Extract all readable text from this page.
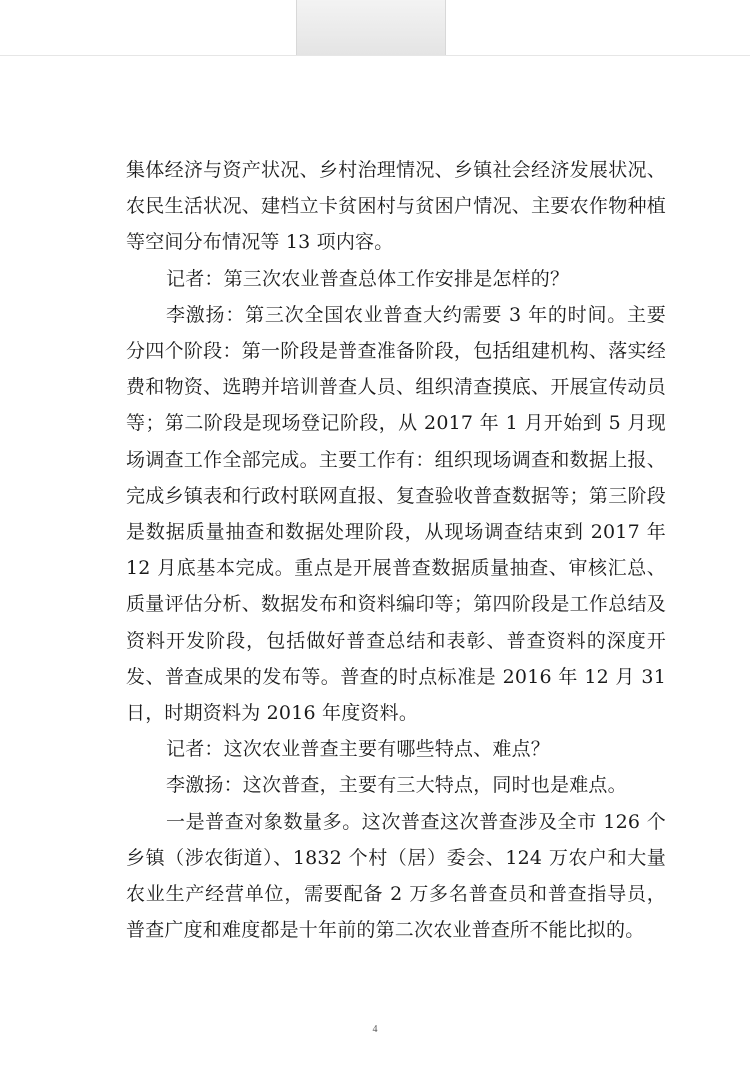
集体经济与资产状况、乡村治理情况、乡镇社会经济发展状况、农民生活状况、建档立卡贫困村与贫困户情况、主要农作物种植等空间分布情况等 13 项内容。

记者：第三次农业普查总体工作安排是怎样的？

李激扬：第三次全国农业普查大约需要 3 年的时间。主要分四个阶段：第一阶段是普查准备阶段，包括组建机构、落实经费和物资、选聘并培训普查人员、组织清查摸底、开展宣传动员等；第二阶段是现场登记阶段，从 2017 年 1 月开始到 5 月现场调查工作全部完成。主要工作有：组织现场调查和数据上报、完成乡镇表和行政村联网直报、复查验收普查数据等；第三阶段是数据质量抽查和数据处理阶段，从现场调查结束到 2017 年 12 月底基本完成。重点是开展普查数据质量抽查、审核汇总、质量评估分析、数据发布和资料编印等；第四阶段是工作总结及资料开发阶段，包括做好普查总结和表彰、普查资料的深度开发、普查成果的发布等。普查的时点标准是 2016 年 12 月 31 日，时期资料为 2016 年度资料。

记者：这次农业普查主要有哪些特点、难点？

李激扬：这次普查，主要有三大特点，同时也是难点。

一是普查对象数量多。这次普查这次普查涉及全市 126 个乡镇（涉农街道）、1832 个村（居）委会、124 万农户和大量农业生产经营单位，需要配备 2 万多名普查员和普查指导员，普查广度和难度都是十年前的第二次农业普查所不能比拟的。

4
